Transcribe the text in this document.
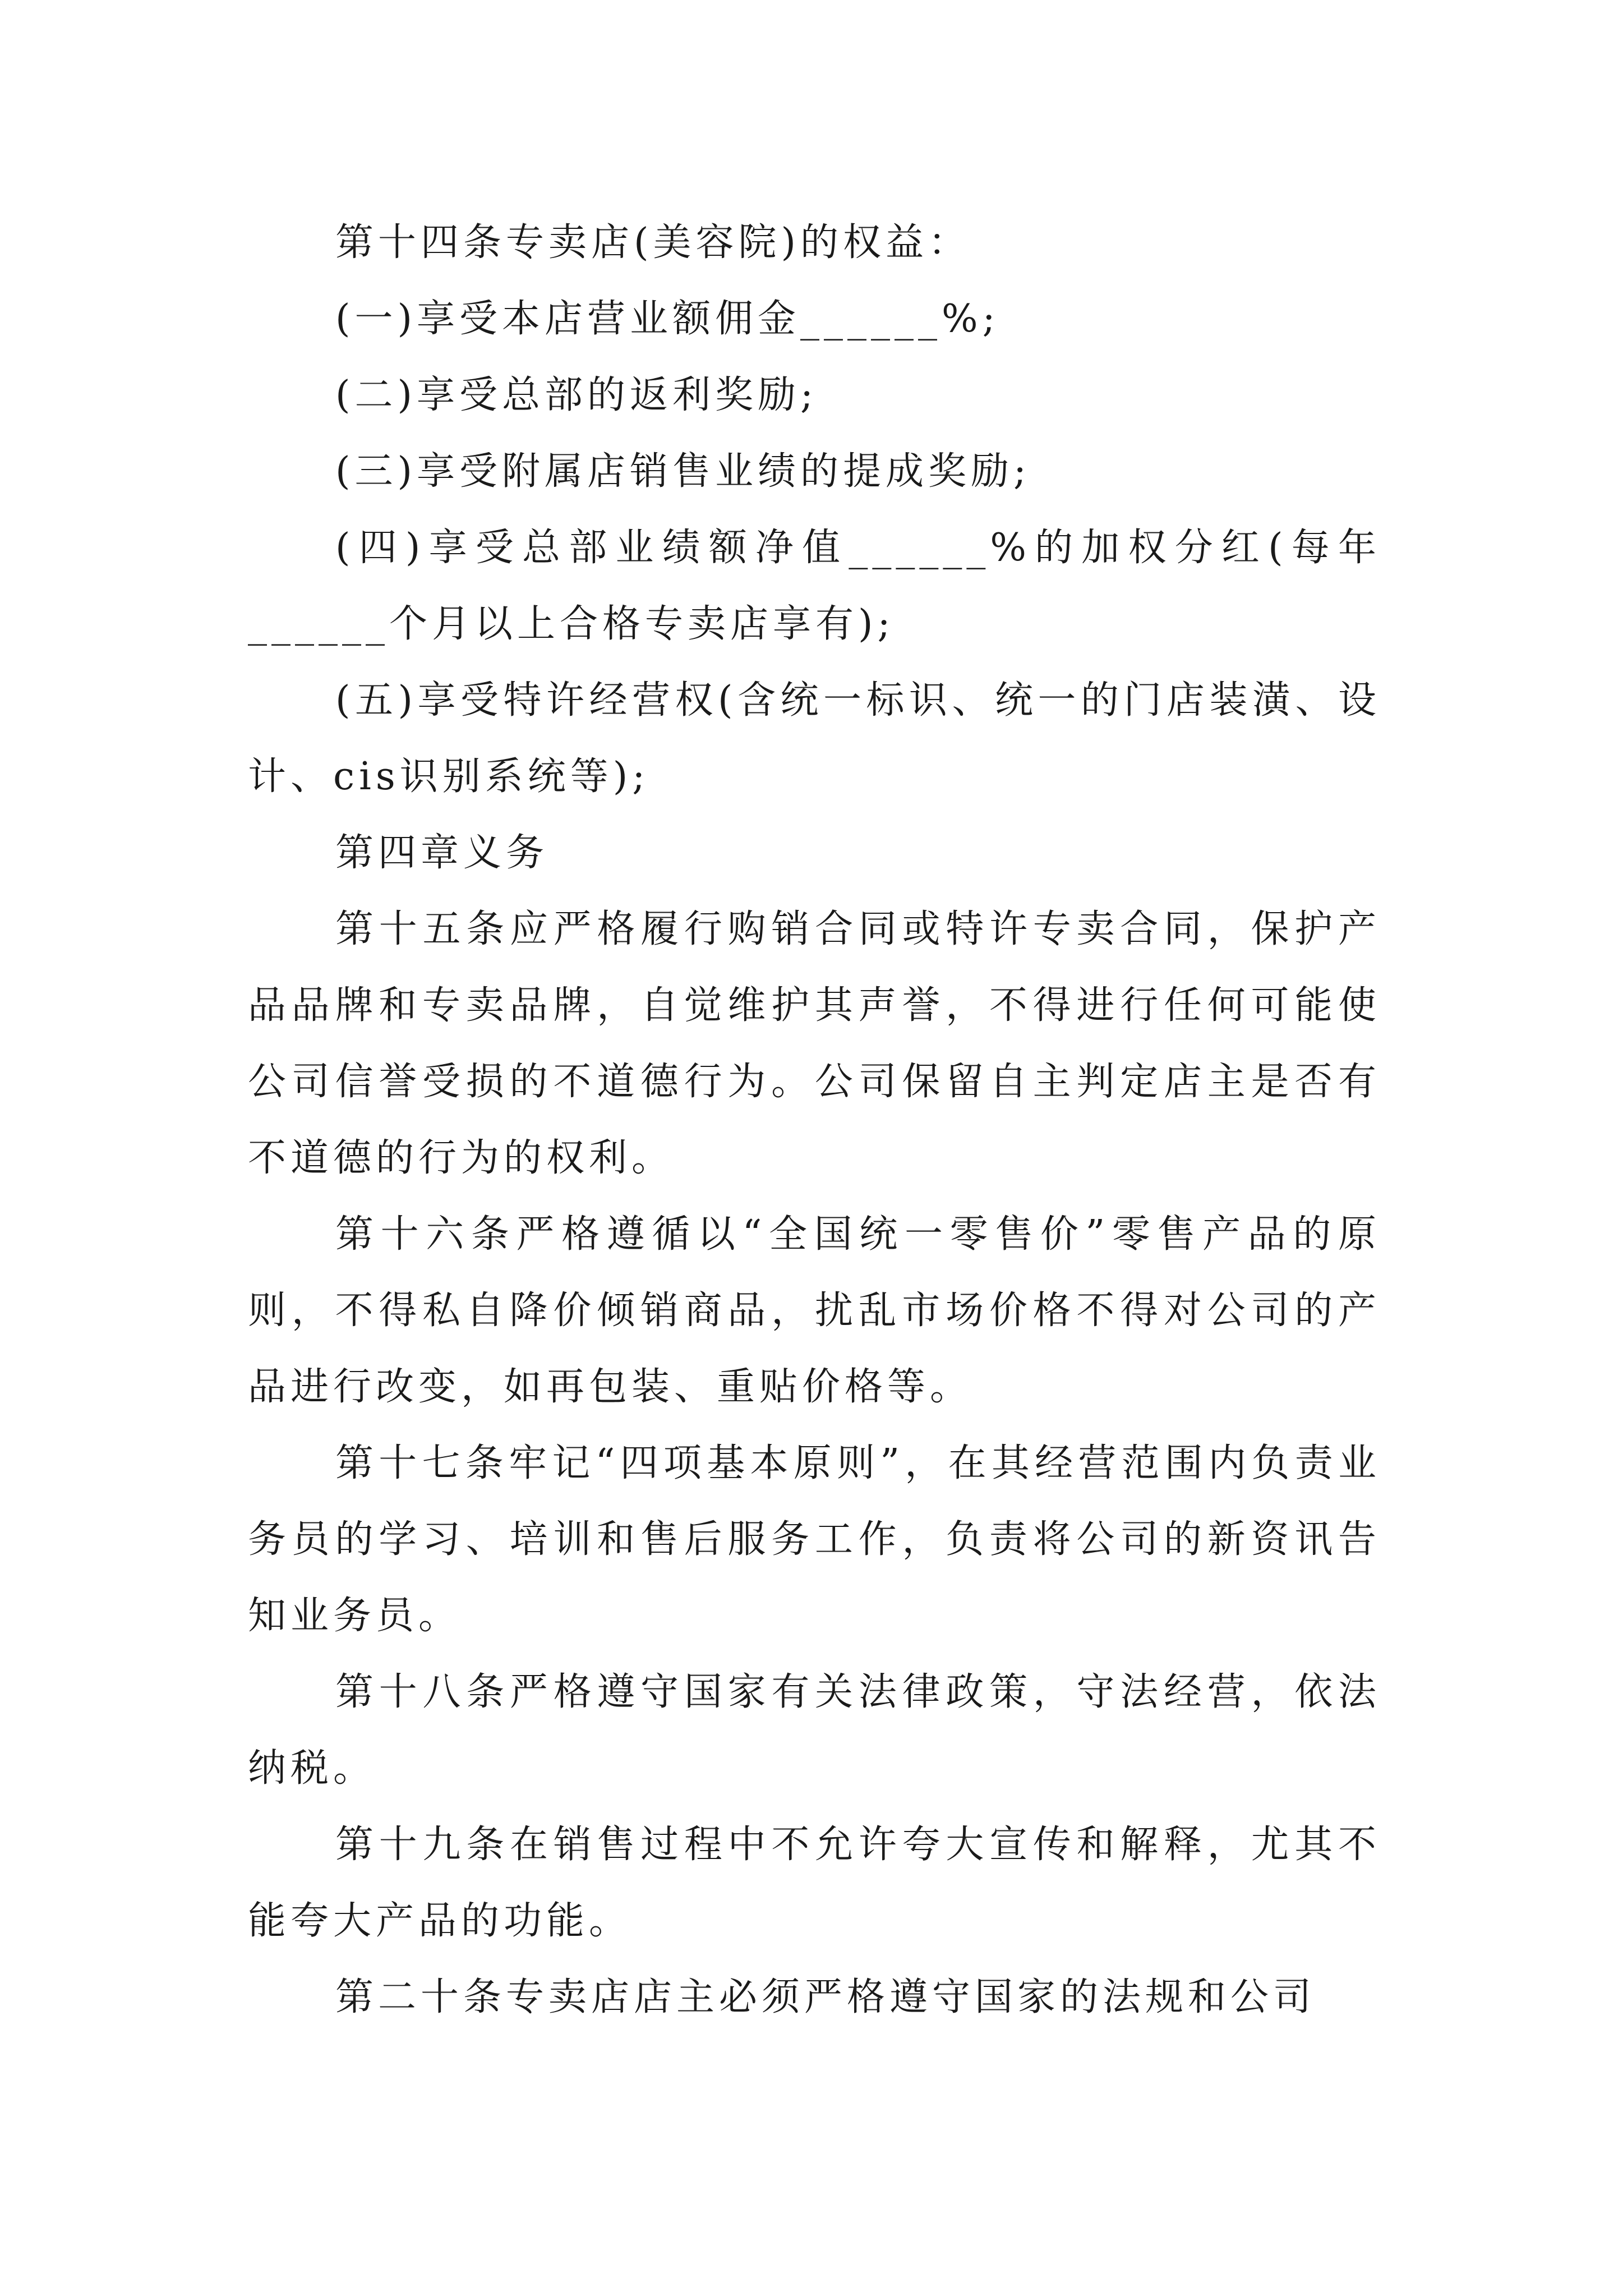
第十四条专卖店(美容院)的权益：

(一)享受本店营业额佣金______%;

(二)享受总部的返利奖励;

(三)享受附属店销售业绩的提成奖励;

(四)享受总部业绩额净值______%的加权分红(每年______个月以上合格专卖店享有);

(五)享受特许经营权(含统一标识、统一的门店装潢、设计、cis识别系统等);

第四章义务

第十五条应严格履行购销合同或特许专卖合同，保护产品品牌和专卖品牌，自觉维护其声誉，不得进行任何可能使公司信誉受损的不道德行为。公司保留自主判定店主是否有不道德的行为的权利。

第十六条严格遵循以“全国统一零售价”零售产品的原则，不得私自降价倾销商品，扰乱市场价格不得对公司的产品进行改变，如再包装、重贴价格等。

第十七条牢记“四项基本原则”，在其经营范围内负责业务员的学习、培训和售后服务工作，负责将公司的新资讯告知业务员。

第十八条严格遵守国家有关法律政策，守法经营，依法纳税。

第十九条在销售过程中不允许夸大宣传和解释，尤其不能夸大产品的功能。

第二十条专卖店店主必须严格遵守国家的法规和公司
